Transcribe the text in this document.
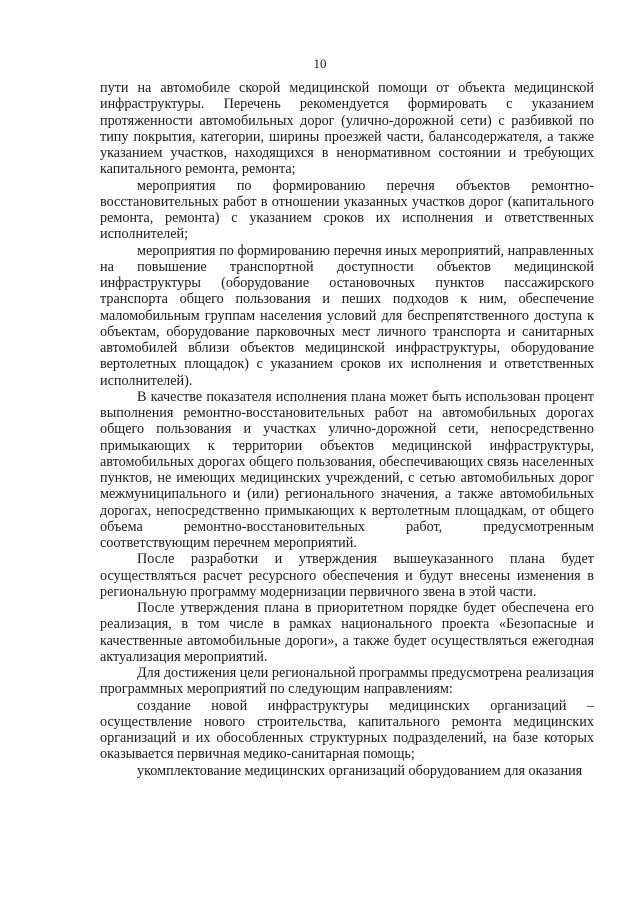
10

пути на автомобиле скорой медицинской помощи от объекта медицинской инфраструктуры. Перечень рекомендуется формировать с указанием протяженности автомобильных дорог (улично-дорожной сети) с разбивкой по типу покрытия, категории, ширины проезжей части, балансодержателя, а также указанием участков, находящихся в ненормативном состоянии и требующих капитального ремонта, ремонта;

мероприятия по формированию перечня объектов ремонтно-восстановительных работ в отношении указанных участков дорог (капитального ремонта, ремонта) с указанием сроков их исполнения и ответственных исполнителей;

мероприятия по формированию перечня иных мероприятий, направленных на повышение транспортной доступности объектов медицинской инфраструктуры (оборудование остановочных пунктов пассажирского транспорта общего пользования и пеших подходов к ним, обеспечение маломобильным группам населения условий для беспрепятственного доступа к объектам, оборудование парковочных мест личного транспорта и санитарных автомобилей вблизи объектов медицинской инфраструктуры, оборудование вертолетных площадок) с указанием сроков их исполнения и ответственных исполнителей).

В качестве показателя исполнения плана может быть использован процент выполнения ремонтно-восстановительных работ на автомобильных дорогах общего пользования и участках улично-дорожной сети, непосредственно примыкающих к территории объектов медицинской инфраструктуры, автомобильных дорогах общего пользования, обеспечивающих связь населенных пунктов, не имеющих медицинских учреждений, с сетью автомобильных дорог межмуниципального и (или) регионального значения, а также автомобильных дорогах, непосредственно примыкающих к вертолетным площадкам, от общего объема ремонтно-восстановительных работ, предусмотренным соответствующим перечнем мероприятий.

После разработки и утверждения вышеуказанного плана будет осуществляться расчет ресурсного обеспечения и будут внесены изменения в региональную программу модернизации первичного звена в этой части.

После утверждения плана в приоритетном порядке будет обеспечена его реализация, в том числе в рамках национального проекта «Безопасные и качественные автомобильные дороги», а также будет осуществляться ежегодная актуализация мероприятий.

Для достижения цели региональной программы предусмотрена реализация программных мероприятий по следующим направлениям:

создание новой инфраструктуры медицинских организаций – осуществление нового строительства, капитального ремонта медицинских организаций и их обособленных структурных подразделений, на базе которых оказывается первичная медико-санитарная помощь;

укомплектование медицинских организаций оборудованием для оказания
